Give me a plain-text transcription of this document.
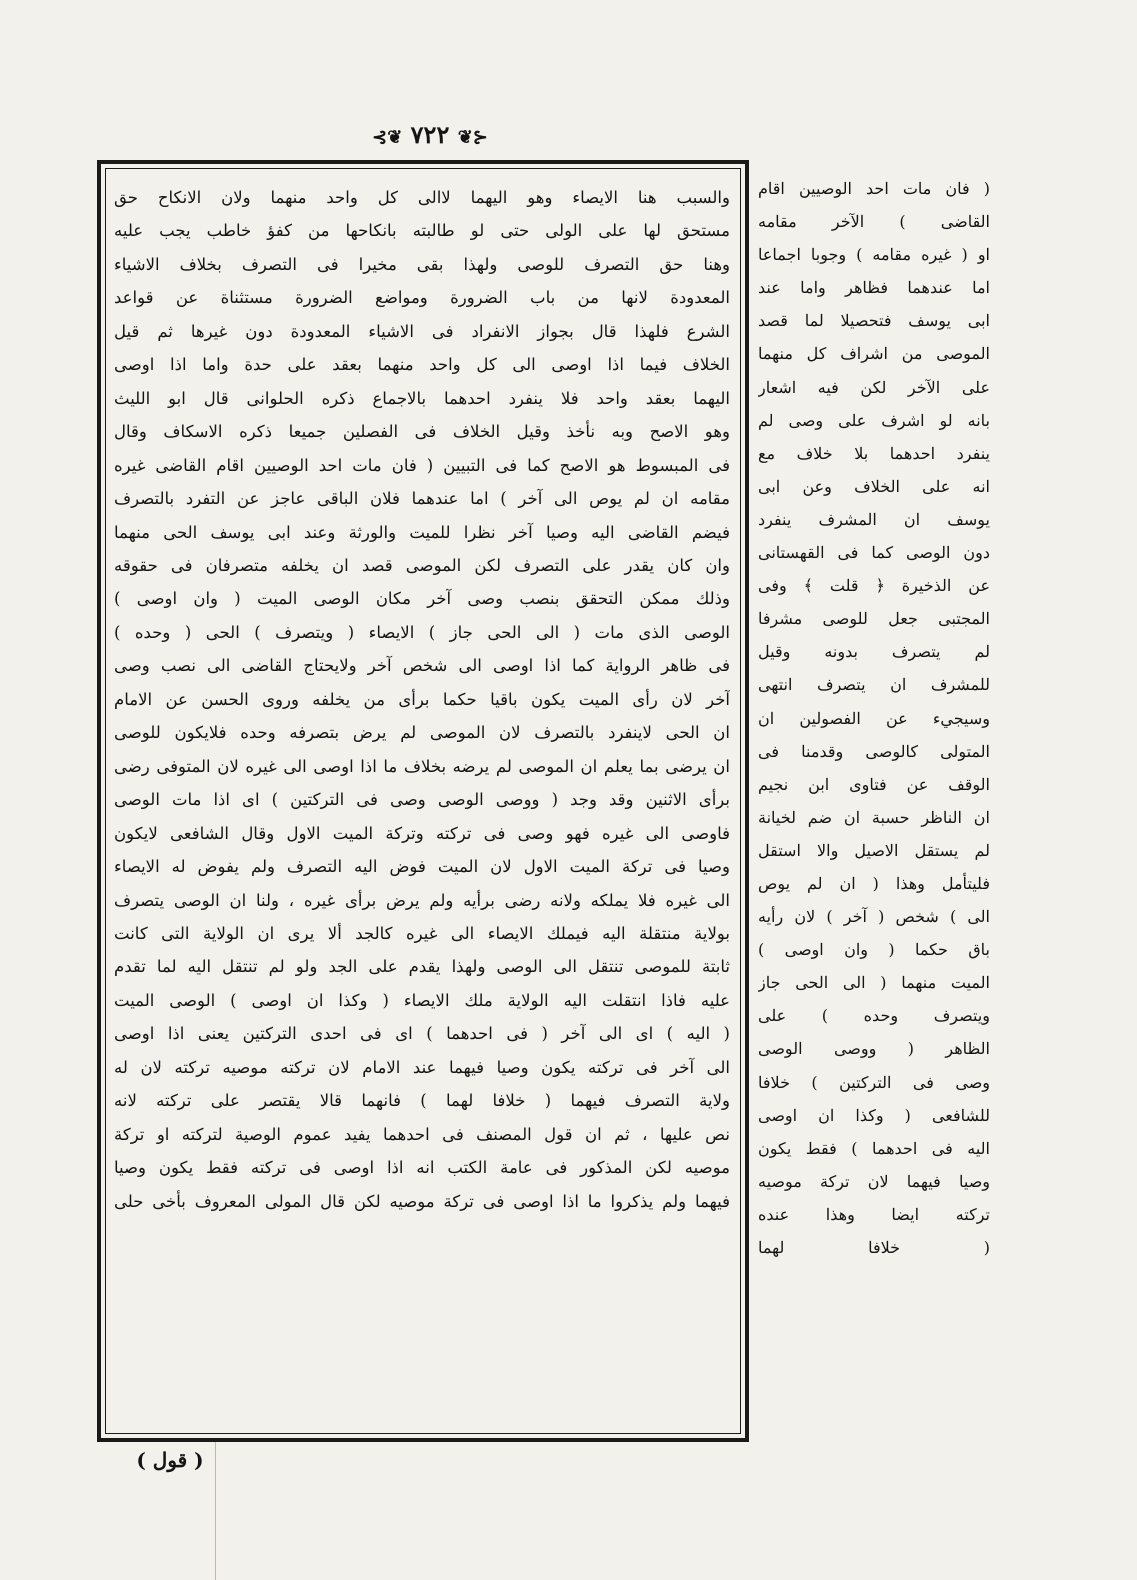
⊰❦ ٧٢٢ ❦⊱
والسبب هنا الايصاء وهو اليهما لاالى كل واحد منهما ولان الانكاح حق
مستحق لها على الولى حتى لو طالبته بانكاحها من كفؤ خاطب يجب عليه
وهنا حق التصرف للوصى ولهذا بقى مخيرا فى التصرف بخلاف الاشياء
المعدودة لانها من باب الضرورة ومواضع الضرورة مستثناة عن قواعد
الشرع فلهذا قال بجواز الانفراد فى الاشياء المعدودة دون غيرها ثم قيل
الخلاف فيما اذا اوصى الى كل واحد منهما بعقد على حدة واما اذا اوصى
اليهما بعقد واحد فلا ينفرد احدهما بالاجماع ذكره الحلوانى قال ابو الليث
وهو الاصح وبه نأخذ وقيل الخلاف فى الفصلين جميعا ذكره الاسكاف وقال
فى المبسوط هو الاصح كما فى التبيين ( فان مات احد الوصيين اقام القاضى غيره
مقامه ان لم يوص الى آخر ) اما عندهما فلان الباقى عاجز عن التفرد بالتصرف
فيضم القاضى اليه وصيا آخر نظرا للميت والورثة وعند ابى يوسف الحى منهما
وان كان يقدر على التصرف لكن الموصى قصد ان يخلفه متصرفان فى حقوقه
وذلك ممكن التحقق بنصب وصى آخر مكان الوصى الميت ( وان اوصى )
الوصى الذى مات ( الى الحى جاز ) الايصاء ( ويتصرف ) الحى ( وحده )
فى ظاهر الرواية كما اذا اوصى الى شخص آخر ولايحتاج القاضى الى نصب وصى
آخر لان رأى الميت يكون باقيا حكما برأى من يخلفه وروى الحسن عن الامام
ان الحى لاينفرد بالتصرف لان الموصى لم يرض بتصرفه وحده فلايكون للوصى
ان يرضى بما يعلم ان الموصى لم يرضه بخلاف ما اذا اوصى الى غيره لان المتوفى رضى
برأى الاثنين وقد وجد ( ووصى الوصى وصى فى التركتين ) اى اذا مات الوصى
فاوصى الى غيره فهو وصى فى تركته وتركة الميت الاول وقال الشافعى لايكون
وصيا فى تركة الميت الاول لان الميت فوض اليه التصرف ولم يفوض له الايصاء
الى غيره فلا يملكه ولانه رضى برأيه ولم يرض برأى غيره ، ولنا ان الوصى يتصرف
بولاية منتقلة اليه فيملك الايصاء الى غيره كالجد ألا يرى ان الولاية التى كانت
ثابتة للموصى تنتقل الى الوصى ولهذا يقدم على الجد ولو لم تنتقل اليه لما تقدم
عليه فاذا انتقلت اليه الولاية ملك الايصاء ( وكذا ان اوصى ) الوصى الميت
( اليه ) اى الى آخر ( فى احدهما ) اى فى احدى التركتين يعنى اذا اوصى
الى آخر فى تركته يكون وصيا فيهما عند الامام لان تركته موصيه تركته لان له
ولاية التصرف فيهما ( خلافا لهما ) فانهما قالا يقتصر على تركته لانه
نص عليها ، ثم ان قول المصنف فى احدهما يفيد عموم الوصية لتركته او تركة
موصيه لكن المذكور فى عامة الكتب انه اذا اوصى فى تركته فقط يكون وصيا
فيهما ولم يذكروا ما اذا اوصى فى تركة موصيه لكن قال المولى المعروف بأخى حلى
( فان مات احد الوصيين اقام
القاضى ) الآخر مقامه
او ( غيره مقامه ) وجوبا اجماعا
اما عندهما فظاهر واما عند
ابى يوسف فتحصيلا لما قصد
الموصى من اشراف كل منهما
على الآخر لكن فيه اشعار
بانه لو اشرف على وصى لم
ينفرد احدهما بلا خلاف مع
انه على الخلاف وعن ابى
يوسف ان المشرف ينفرد
دون الوصى كما فى القهستانى
عن الذخيرة ﴿ قلت ﴾ وفى
المجتبى جعل للوصى مشرفا
لم يتصرف بدونه وقيل
للمشرف ان يتصرف انتهى
وسيجيء عن الفصولين ان
المتولى كالوصى وقدمنا فى
الوقف عن فتاوى ابن نجيم
ان الناظر حسبة ان ضم لخيانة
لم يستقل الاصيل والا استقل
فليتأمل وهذا ( ان لم يوص
الى ) شخص ( آخر ) لان رأيه
باق حكما ( وان اوصى )
الميت منهما ( الى الحى جاز
ويتصرف وحده ) على
الظاهر ( ووصى الوصى
وصى فى التركتين ) خلافا
للشافعى ( وكذا ان اوصى
اليه فى احدهما ) فقط يكون
وصيا فيهما لان تركة موصيه
تركته ايضا وهذا عنده
( خلافا لهما
( قول )
